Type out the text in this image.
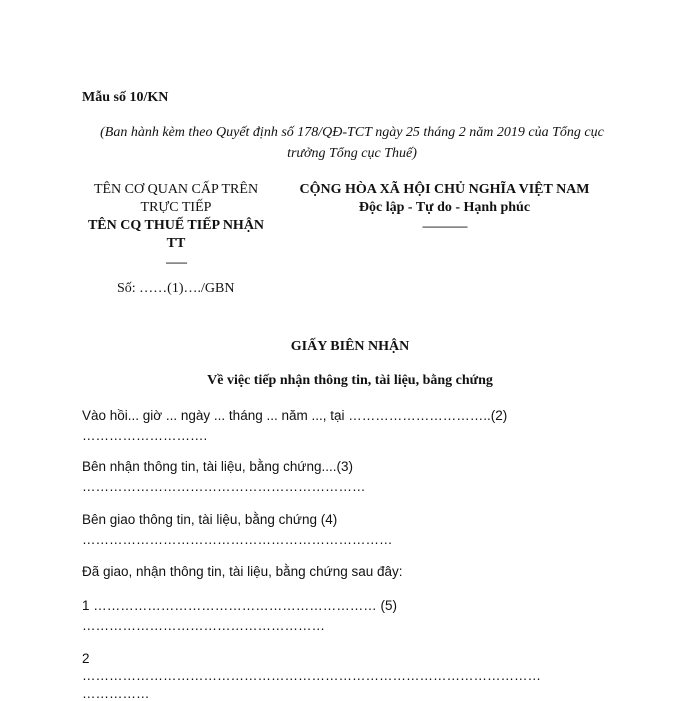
Mẫu số 10/KN
(Ban hành kèm theo Quyết định số 178/QĐ-TCT ngày 25 tháng 2 năm 2019 của Tổng cục trưởng Tổng cục Thuế)
TÊN CƠ QUAN CẤP TRÊN
TRỰC TIẾP
TÊN CQ THUẾ TIẾP NHẬN
TT
-------
CỘNG HÒA XÃ HỘI CHỦ NGHĨA VIỆT NAM
Độc lập - Tự do - Hạnh phúc
---------------
Số: ……(1)…./GBN
GIẤY BIÊN NHẬN
Về việc tiếp nhận thông tin, tài liệu, bằng chứng
Vào hồi... giờ ... ngày ... tháng ... năm ..., tại …………………………..(2)
……………………….
Bên nhận thông tin, tài liệu, bằng chứng....(3)
………………………………………………………
Bên giao thông tin, tài liệu, bằng chứng (4)
……………………………………………………………
Đã giao, nhận thông tin, tài liệu, bằng chứng sau đây:
1 ……………………………………………………… (5)
………………………………………………
2
…………………………………………………………………………………………
……………
